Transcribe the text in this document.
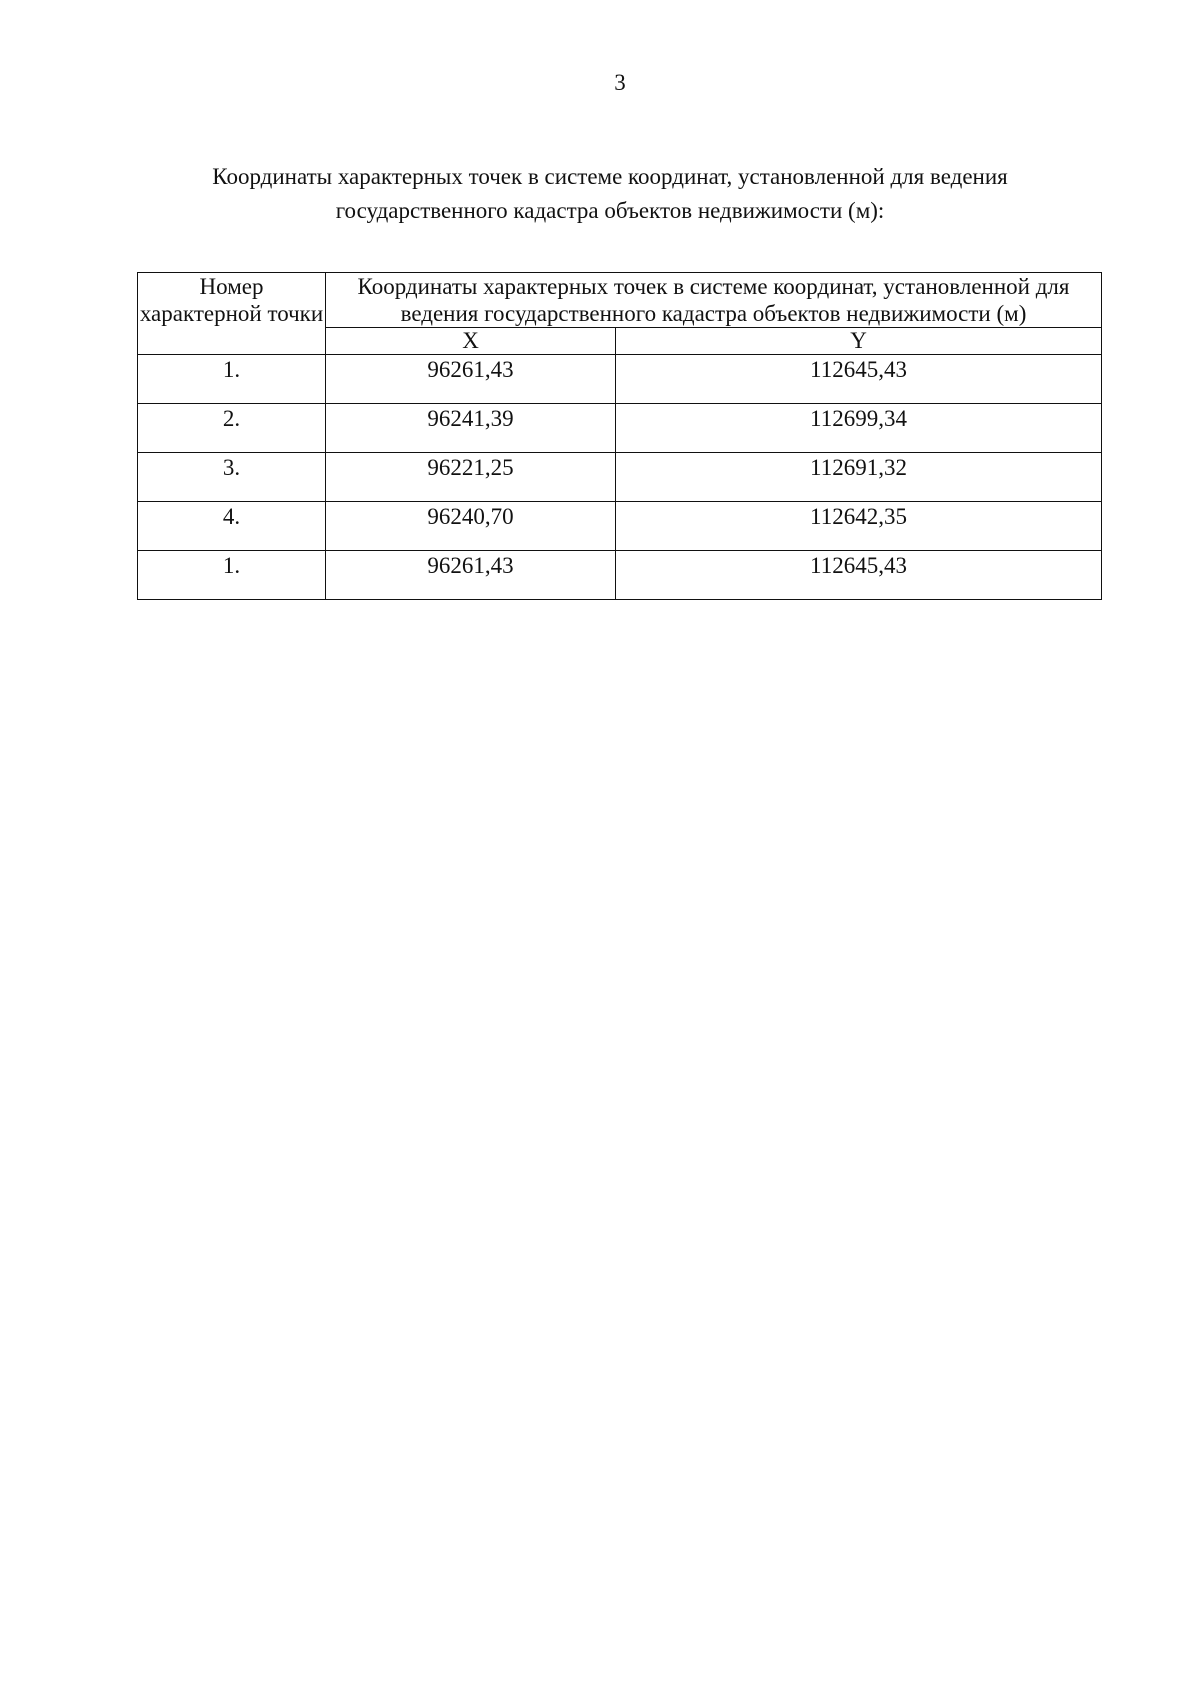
3
Координаты характерных точек в системе координат, установленной для ведения государственного кадастра объектов недвижимости (м):
Номер характерной точки	Координаты характерных точек в системе координат, установленной для ведения государственного кадастра объектов недвижимости (м)	
	X	Y
1.	96261,43	112645,43
2.	96241,39	112699,34
3.	96221,25	112691,32
4.	96240,70	112642,35
1.	96261,43	112645,43
